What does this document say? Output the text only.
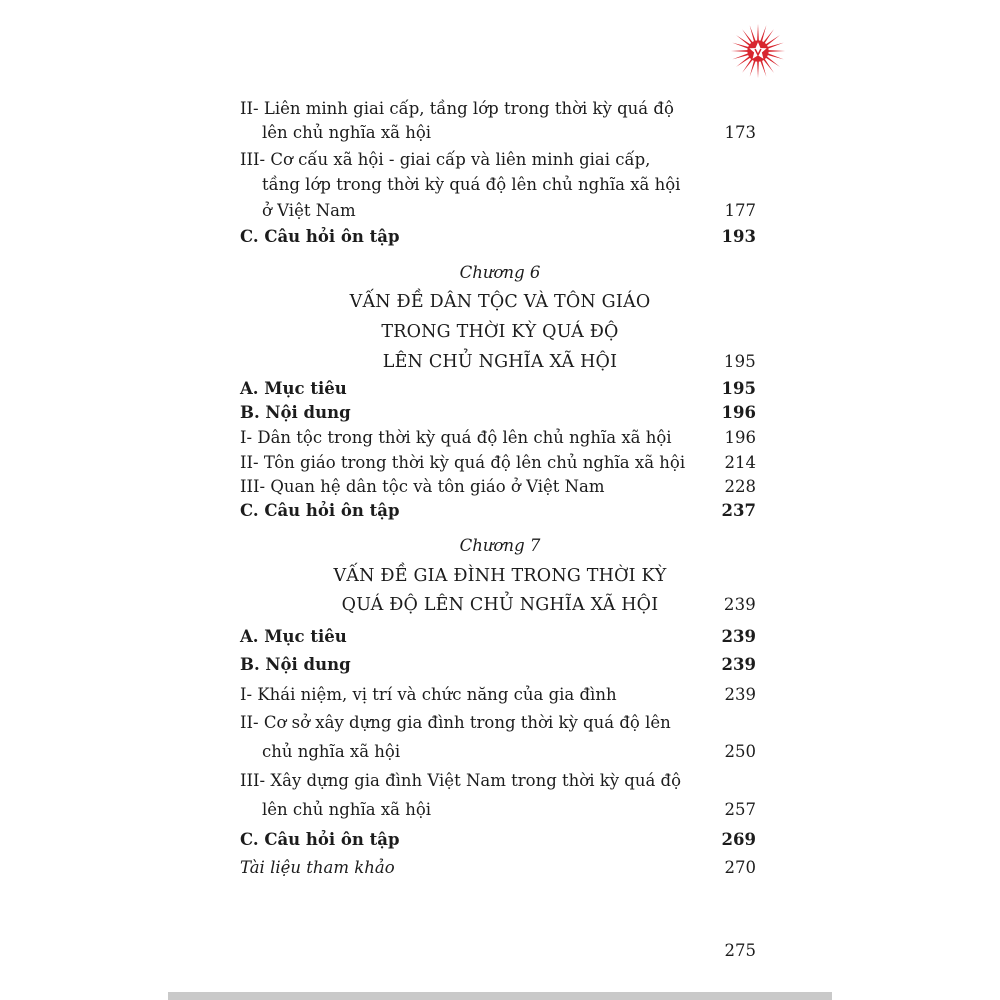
II- Liên minh giai cấp, tầng lớp trong thời kỳ quá độ
lên chủ nghĩa xã hội	173
III- Cơ cấu xã hội - giai cấp và liên minh giai cấp,
tầng lớp trong thời kỳ quá độ lên chủ nghĩa xã hội
ở Việt Nam	177
C. Câu hỏi ôn tập	193
Chương 6
VẤN ĐỀ DÂN TỘC VÀ TÔN GIÁO
TRONG THỜI KỲ QUÁ ĐỘ
LÊN CHỦ NGHĨA XÃ HỘI	195
A. Mục tiêu	195
B. Nội dung	196
I- Dân tộc trong thời kỳ quá độ lên chủ nghĩa xã hội	196
II- Tôn giáo trong thời kỳ quá độ lên chủ nghĩa xã hội 214
III- Quan hệ dân tộc và tôn giáo ở Việt Nam	228
C. Câu hỏi ôn tập	237
Chương 7
VẤN ĐỀ GIA ĐÌNH TRONG THỜI KỲ
QUÁ ĐỘ LÊN CHỦ NGHĨA XÃ HỘI	239
A. Mục tiêu	239
B. Nội dung	239
I- Khái niệm, vị trí và chức năng của gia đình	239
II- Cơ sở xây dựng gia đình trong thời kỳ quá độ lên
chủ nghĩa xã hội	250
III- Xây dựng gia đình Việt Nam trong thời kỳ quá độ
lên chủ nghĩa xã hội	257
C. Câu hỏi ôn tập	269
Tài liệu tham khảo	270
275
